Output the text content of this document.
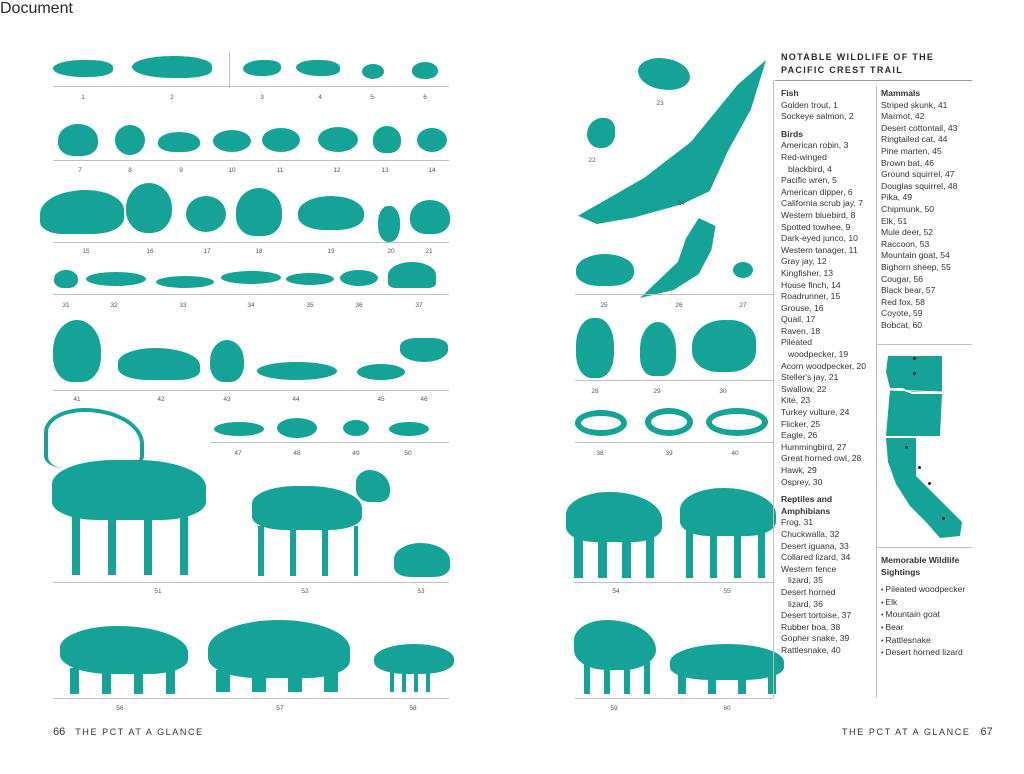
Document
1	2	3	4	5	6
7	8	9	10	11	12	13	14
15	16	17	18	19	20	21
31	32	33	34	35	36	37
41	42	43	44	45	46
47	48	49	50
51	52	53
56	57	58
66 THE PCT AT A GLANCE
23
22
24
25	26	27
28	29	30
38	39	40
54	55
59	60
NOTABLE WILDLIFE OF THE PACIFIC CREST TRAIL
Fish
Golden trout, 1
Sockeye salmon, 2
Birds
American robin, 3
Red-winged
blackbird, 4
Pacific wren, 5
American dipper, 6
California scrub jay, 7
Western bluebird, 8
Spotted towhee, 9
Dark-eyed junco, 10
Western tanager, 11
Gray jay, 12
Kingfisher, 13
House finch, 14
Roadrunner, 15
Grouse, 16
Quail, 17
Raven, 18
Pileated
woodpecker, 19
Acorn woodpecker, 20
Steller's jay, 21
Swallow, 22
Kite, 23
Turkey vulture, 24
Flicker, 25
Eagle, 26
Hummingbird, 27
Great horned owl, 28
Hawk, 29
Osprey, 30
Reptiles and Amphibians
Frog, 31
Chuckwalla, 32
Desert iguana, 33
Collared lizard, 34
Western fence
lizard, 35
Desert horned
lizard, 36
Desert tortoise, 37
Rubber boa, 38
Gopher snake, 39
Rattlesnake, 40
Mammals
Striped skunk, 41
Marmot, 42
Desert cottontail, 43
Ringtailed cat, 44
Pine marten, 45
Brown bat, 46
Ground squirrel, 47
Douglas squirrel, 48
Pika, 49
Chipmunk, 50
Elk, 51
Mule deer, 52
Raccoon, 53
Mountain goat, 54
Bighorn sheep, 55
Cougar, 56
Black bear, 57
Red fox, 58
Coyote, 59
Bobcat, 60
Memorable Wildlife Sightings
• Pileated woodpecker
• Elk
• Mountain goat
• Bear
• Rattlesnake
• Desert horned lizard
THE PCT AT A GLANCE 67
